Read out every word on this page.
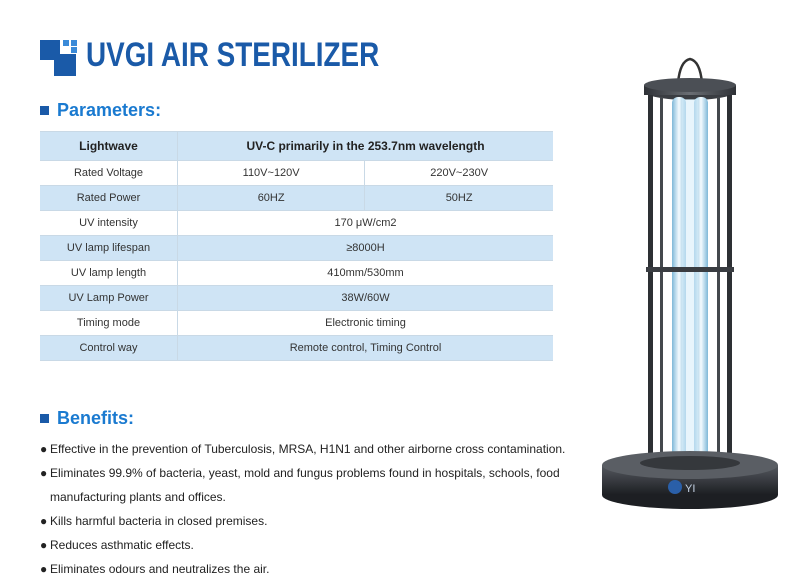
UVGI AIR STERILIZER
Parameters:
Lightwave	UV-C primarily in the 253.7nm wavelength	
Rated Voltage	110V~120V	220V~230V
Rated Power	60HZ	50HZ
UV intensity	170 μW/cm2	
UV lamp lifespan	≥8000H	
UV lamp length	410mm/530mm	
UV Lamp Power	38W/60W	
Timing mode	Electronic timing	
Control way	Remote control, Timing Control	
Benefits:
● Effective in the prevention of Tuberculosis, MRSA, H1N1 and other airborne cross contamination.
● Eliminates 99.9% of bacteria, yeast, mold and fungus problems found in hospitals, schools, food
manufacturing plants and offices.
● Kills harmful bacteria in closed premises.
● Reduces asthmatic effects.
● Eliminates odours and neutralizes the air.
YI
